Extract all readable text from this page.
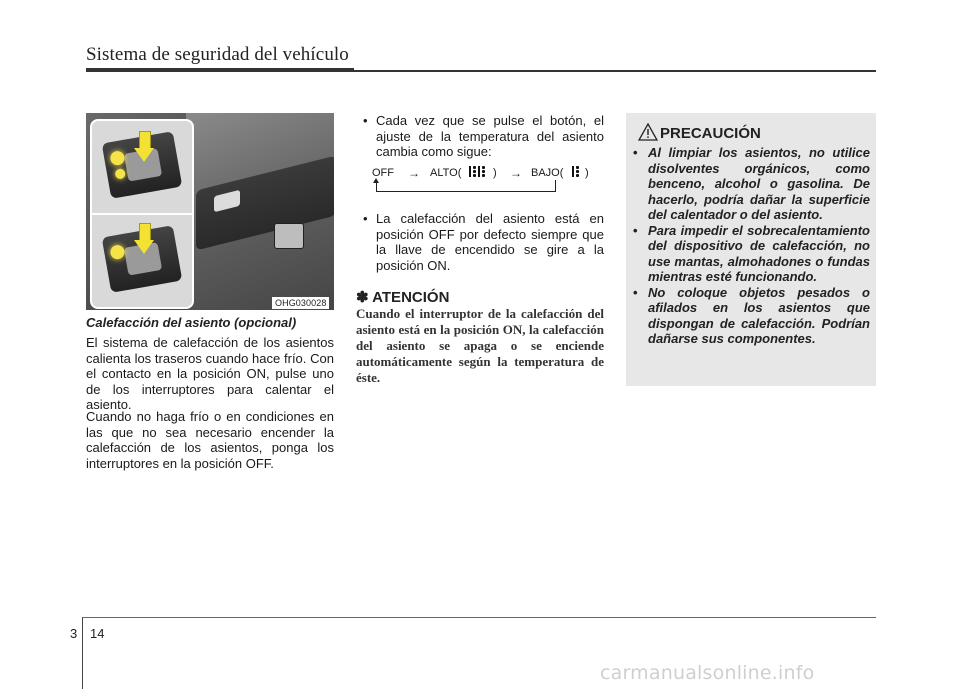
Sistema de seguridad del vehículo
OHG030028
Calefacción del asiento (opcional)

El sistema de calefacción de los asientos calienta los traseros cuando hace frío. Con el contacto en la posición ON, pulse uno de los interruptores para calentar el asiento.

Cuando no haga frío o en condiciones en las que no sea necesario encender la calefacción de los asientos, ponga los interruptores en la posición OFF.

• Cada vez que se pulse el botón, el ajuste de la temperatura del asiento cambia como sigue:

OFF → ALTO(	) → BAJO( )

• La calefacción del asiento está en posición OFF por defecto siempre que la llave de encendido se gire a la posición ON.

✽ ATENCIÓN

Cuando el interruptor de la calefacción del asiento está en la posición ON, la calefacción del asiento se apaga o se enciende automáticamente según la temperatura de éste.

PRECAUCIÓN
• Al limpiar los asientos, no utilice disolventes orgánicos, como benceno, alcohol o gasolina. De hacerlo, podría dañar la superficie del calentador o del asiento.
• Para impedir el sobrecalentamiento del dispositivo de calefacción, no use mantas, almohadones o fundas mientras esté funcionando.
• No coloque objetos pesados o afilados en los asientos que dispongan de calefacción. Podrían dañarse sus componentes.
3 14
carmanualsonline.info
